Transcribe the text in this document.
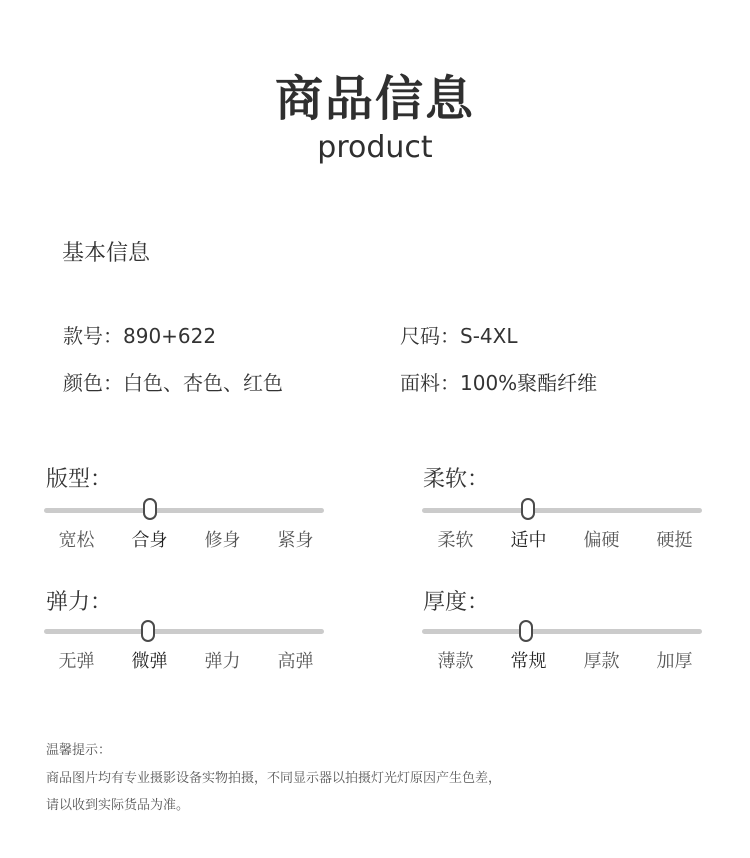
商品信息
product
基本信息
款号：890+622	尺码：S-4XL
颜色：白色、杏色、红色	面料：100%聚酯纤维
版型：
宽松	合身	修身	紧身
柔软：
柔软	适中	偏硬	硬挺
弹力：
无弹	微弹	弹力	高弹
厚度：
薄款	常规	厚款	加厚
温馨提示：
商品图片均有专业摄影设备实物拍摄，不同显示器以拍摄灯光灯原因产生色差，
请以收到实际货品为准。
